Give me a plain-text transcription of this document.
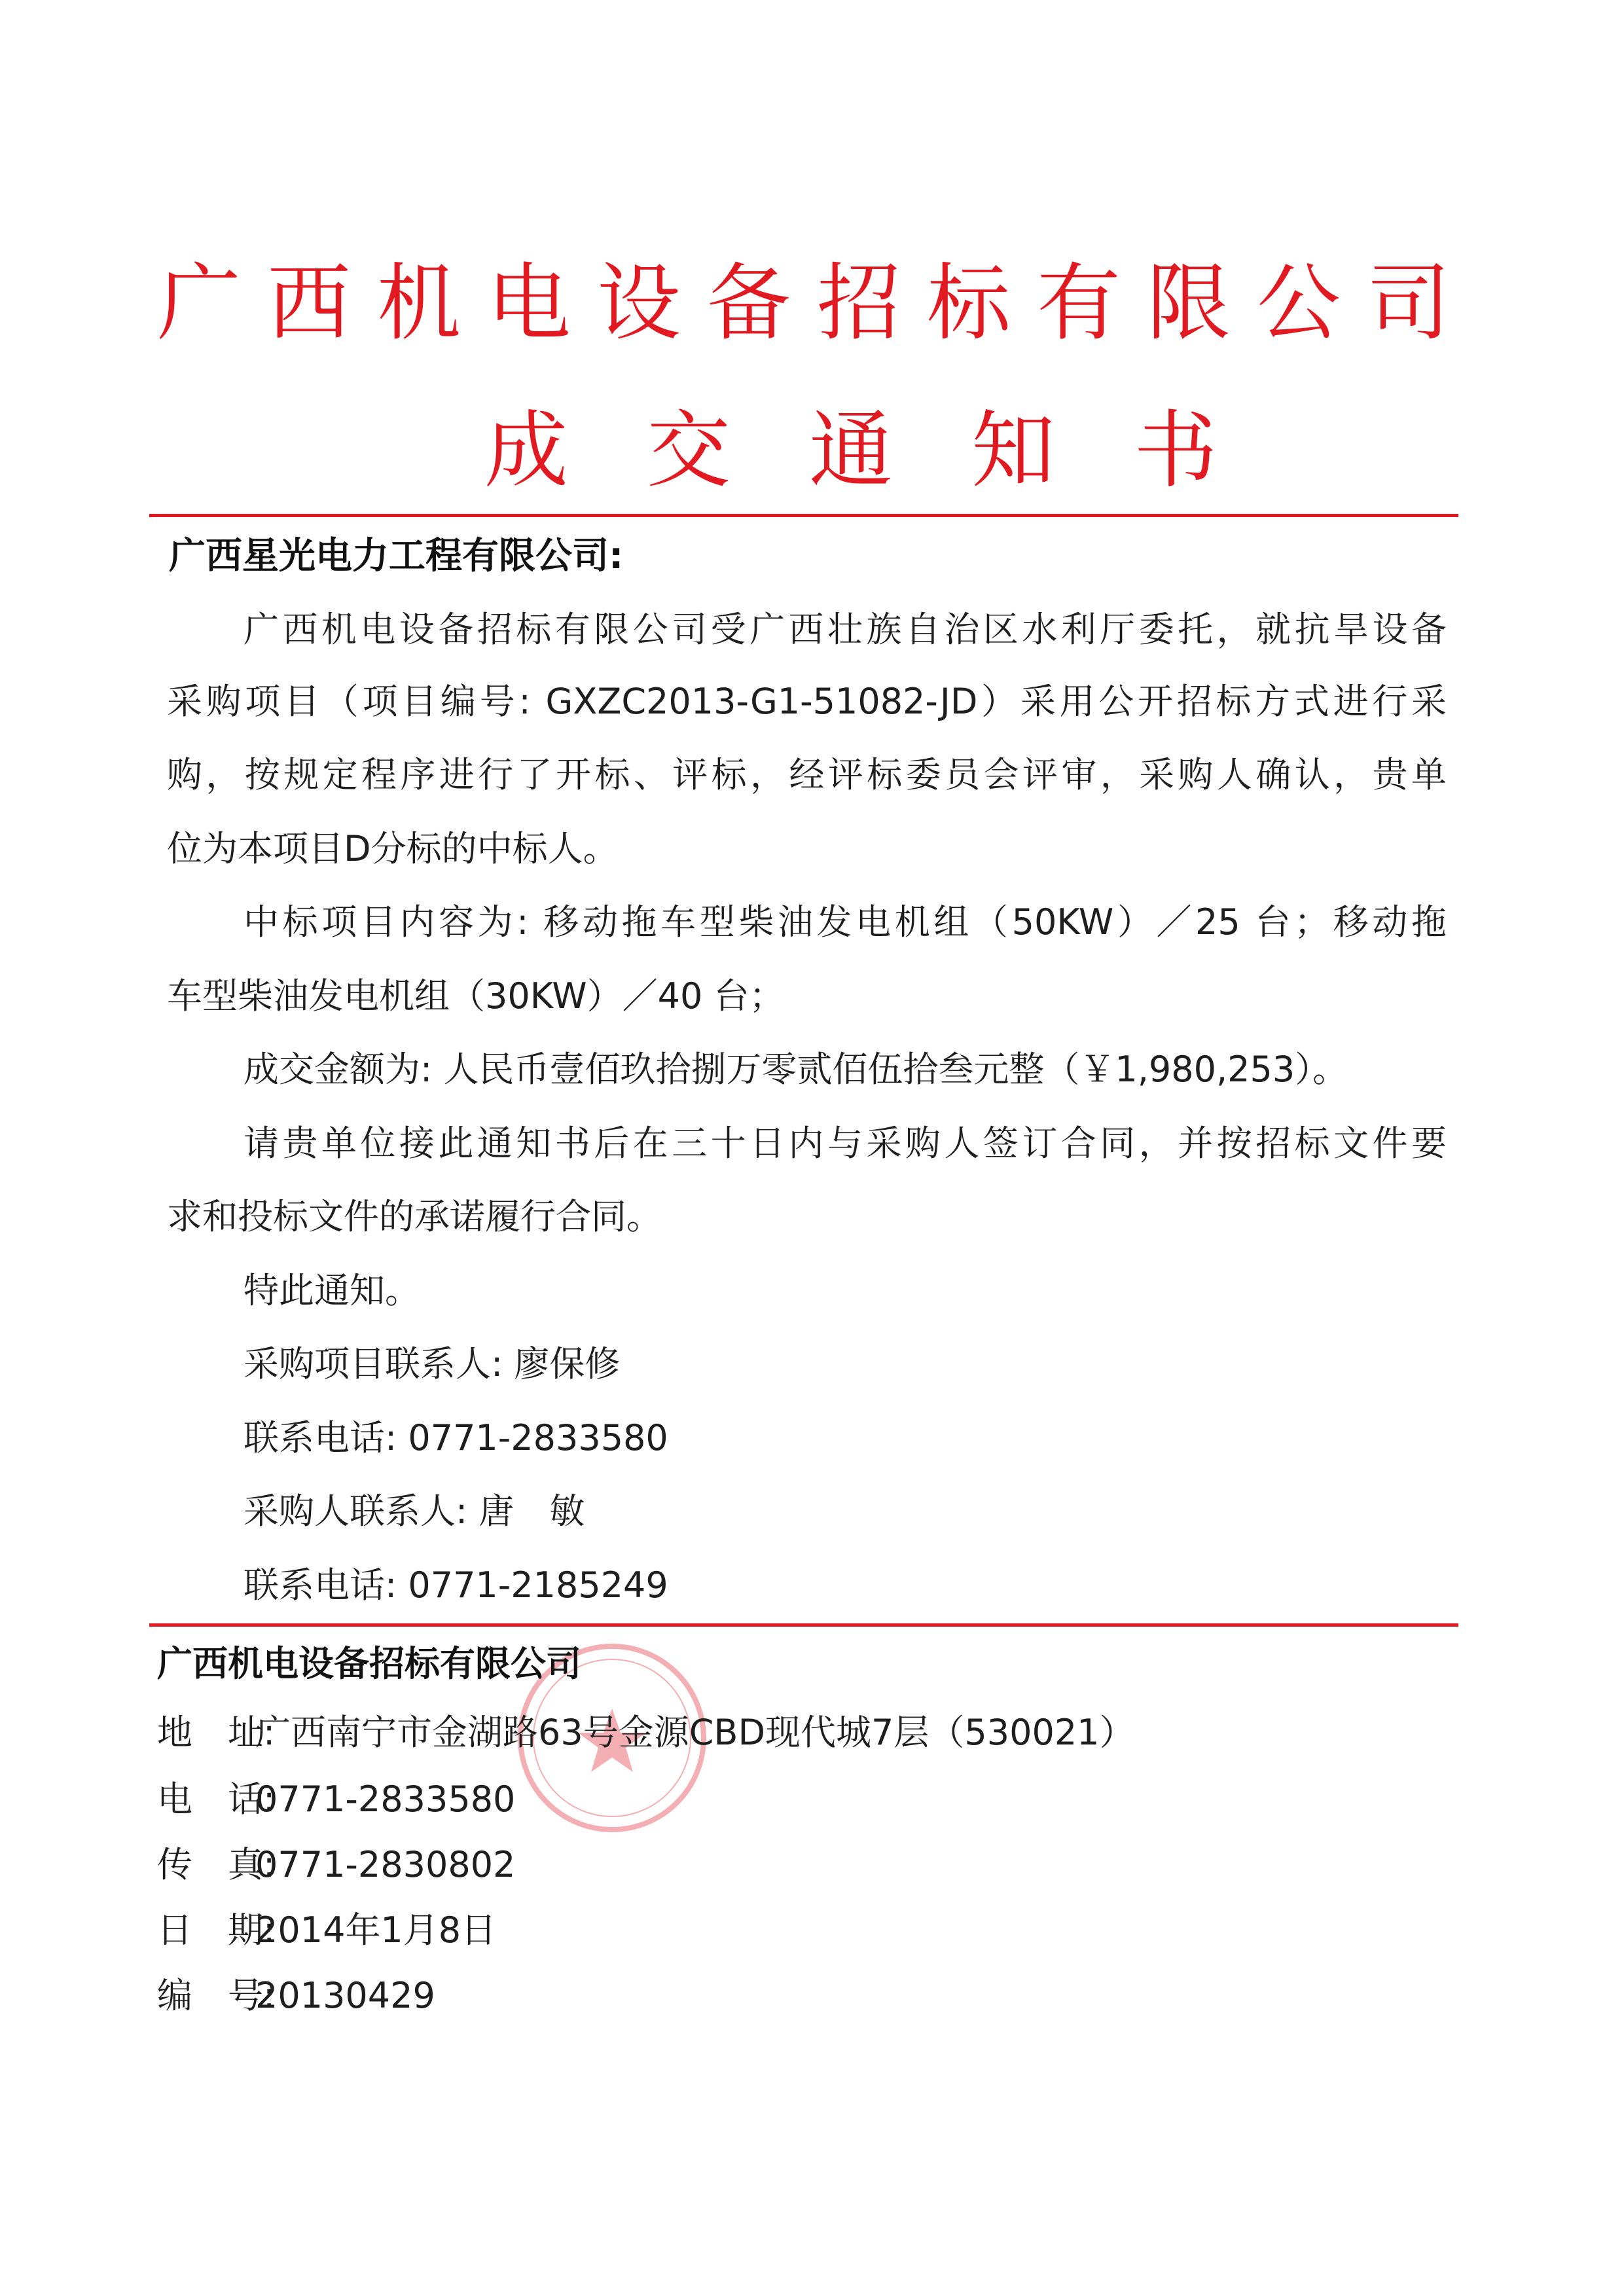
广西机电设备招标有限公司
成交通知书
广西星光电力工程有限公司:
广西机电设备招标有限公司受广西壮族自治区水利厅委托，就抗旱设备
采购项目（项目编号: GXZC2013-G1-51082-JD）采用公开招标方式进行采
购，按规定程序进行了开标、评标，经评标委员会评审，采购人确认，贵单
位为本项目D分标的中标人。
中标项目内容为: 移动拖车型柴油发电机组（50KW）／25 台；移动拖
车型柴油发电机组（30KW）／40 台；
成交金额为: 人民币壹佰玖拾捌万零贰佰伍拾叁元整（￥1,980,253）。
请贵单位接此通知书后在三十日内与采购人签订合同，并按招标文件要
求和投标文件的承诺履行合同。
特此通知。
采购项目联系人: 廖保修
联系电话: 0771-2833580
采购人联系人: 唐　敏
联系电话: 0771-2185249
广西机电设备招标有限公司
地　址:广西南宁市金湖路63号金源CBD现代城7层（530021）
电　话:0771-2833580
传　真:0771-2830802
日　期:2014年1月8日
编　号:20130429
